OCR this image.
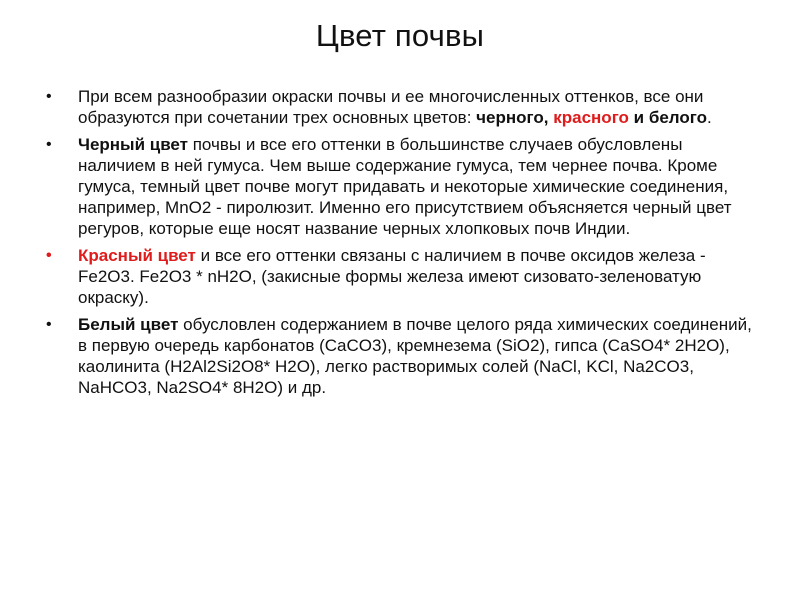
Цвет почвы
• При всем разнообразии окраски почвы и ее многочисленных оттенков, все они образуются при сочетании трех основных цветов: черного, красного и белого.
• Черный цвет почвы и все его оттенки в большинстве случаев обусловлены наличием в ней гумуса. Чем выше содержание гумуса, тем чернее почва. Кроме гумуса, темный цвет почве могут придавать и некоторые химические соединения, например, MnO2 - пиролюзит. Именно его присутствием объясняется черный цвет регуров, которые еще носят название черных хлопковых почв Индии.
• Красный цвет и все его оттенки связаны с наличием в почве оксидов железа - Fe2O3. Fe2O3 * nH2O, (закисные формы железа имеют сизовато-зеленоватую окраску).
• Белый цвет обусловлен содержанием в почве целого ряда химических соединений, в первую очередь карбонатов (CaCO3), кремнезема (SiO2), гипса (CaSO4* 2H2O), каолинита (H2Al2Si2O8* H2O), легко растворимых солей (NaCl, KCl, Na2CO3, NaHCO3, Na2SO4* 8H2O) и др.
